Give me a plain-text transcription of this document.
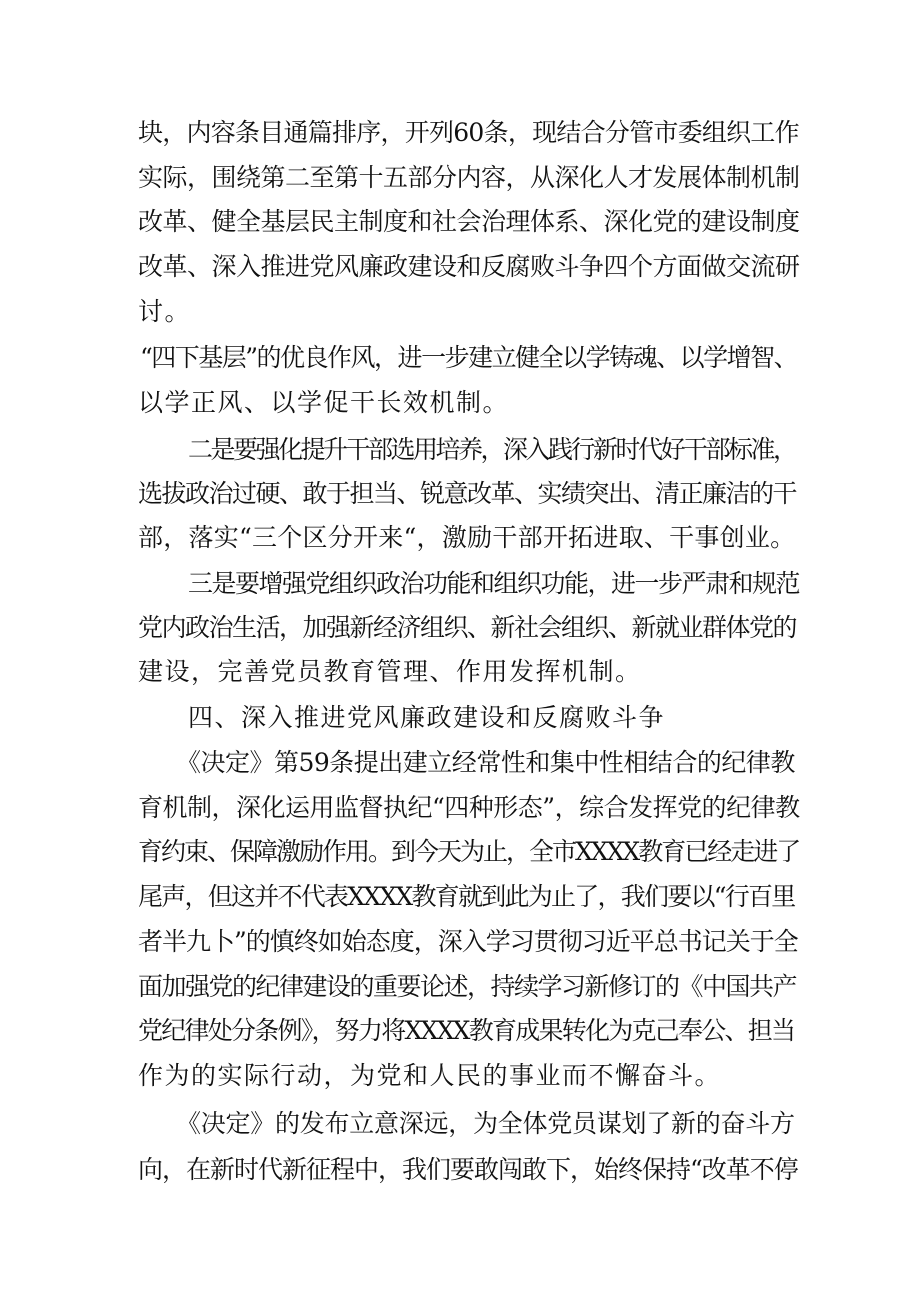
块，内容条目通篇排序，开列60条，现结合分管市委组织工作
实际，围绕第二至第十五部分内容，从深化人才发展体制机制
改革、健全基层民主制度和社会治理体系、深化党的建设制度
改革、深入推进党风廉政建设和反腐败斗争四个方面做交流研
讨。
“四下基层”的优良作风，进一步建立健全以学铸魂、以学增智、
以学正风、以学促干长效机制。
二是要强化提升干部选用培养，深入践行新时代好干部标准，
选拔政治过硬、敢于担当、锐意改革、实绩突出、清正廉洁的干
部，落实“三个区分开来“，激励干部开拓进取、干事创业。
三是要增强党组织政治功能和组织功能，进一步严肃和规范
党内政治生活，加强新经济组织、新社会组织、新就业群体党的
建设，完善党员教育管理、作用发挥机制。
四、深入推进党风廉政建设和反腐败斗争
《决定》第59条提出建立经常性和集中性相结合的纪律教
育机制，深化运用监督执纪“四种形态”，综合发挥党的纪律教
育约束、保障激励作用。到今天为止，全市XXXX教育已经走进了
尾声，但这并不代表XXXX教育就到此为止了，我们要以“行百里
者半九卜”的慎终如始态度，深入学习贯彻习近平总书记关于全
面加强党的纪律建设的重要论述，持续学习新修订的《中国共产
党纪律处分条例》，努力将XXXX教育成果转化为克己奉公、担当
作为的实际行动，为党和人民的事业而不懈奋斗。
《决定》的发布立意深远，为全体党员谋划了新的奋斗方
向，在新时代新征程中，我们要敢闯敢下，始终保持“改革不停
